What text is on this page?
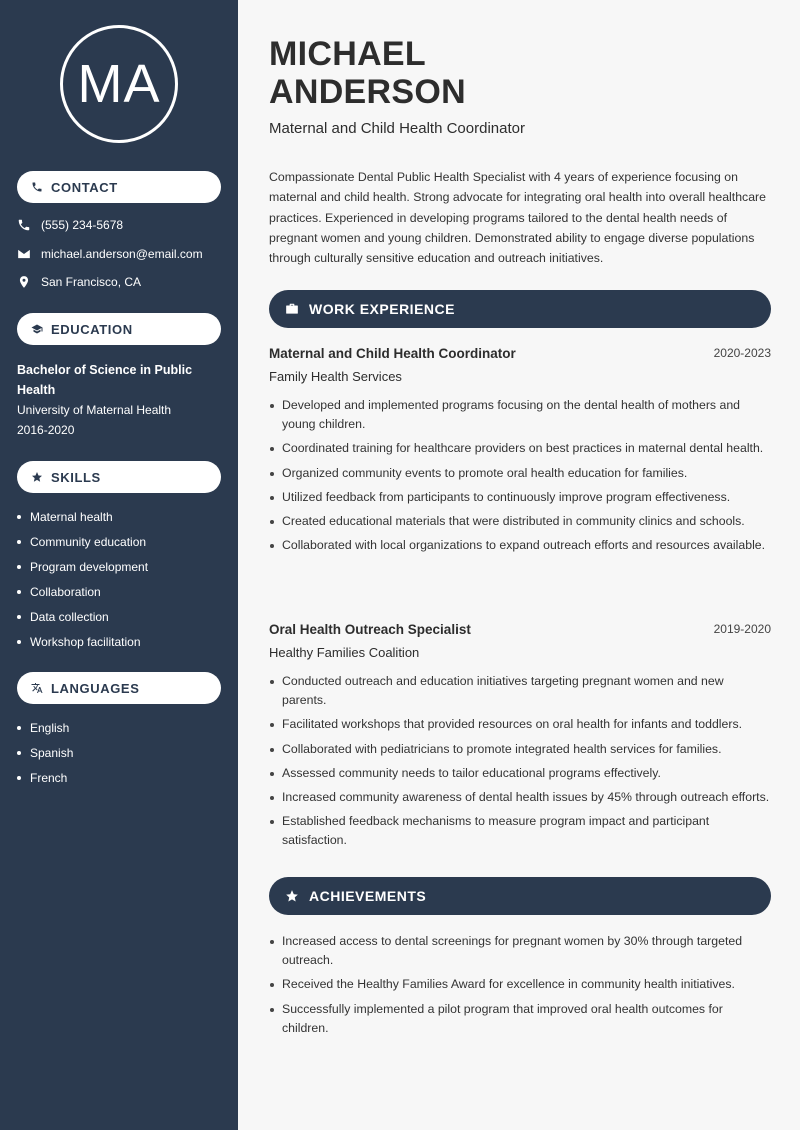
MA
CONTACT
(555) 234-5678
michael.anderson@email.com
San Francisco, CA
EDUCATION
Bachelor of Science in Public Health
University of Maternal Health
2016-2020
SKILLS
Maternal health
Community education
Program development
Collaboration
Data collection
Workshop facilitation
LANGUAGES
English
Spanish
French
MICHAEL
ANDERSON
Maternal and Child Health Coordinator

Compassionate Dental Public Health Specialist with 4 years of experience focusing on maternal and child health. Strong advocate for integrating oral health into overall healthcare practices. Experienced in developing programs tailored to the dental health needs of pregnant women and young children. Demonstrated ability to engage diverse populations through culturally sensitive education and outreach initiatives.

WORK EXPERIENCE
Maternal and Child Health Coordinator	2020-2023
Family Health Services
Developed and implemented programs focusing on the dental health of mothers and young children.
Coordinated training for healthcare providers on best practices in maternal dental health.
Organized community events to promote oral health education for families.
Utilized feedback from participants to continuously improve program effectiveness.
Created educational materials that were distributed in community clinics and schools.
Collaborated with local organizations to expand outreach efforts and resources available.
Oral Health Outreach Specialist	2019-2020
Healthy Families Coalition
Conducted outreach and education initiatives targeting pregnant women and new parents.
Facilitated workshops that provided resources on oral health for infants and toddlers.
Collaborated with pediatricians to promote integrated health services for families.
Assessed community needs to tailor educational programs effectively.
Increased community awareness of dental health issues by 45% through outreach efforts.
Established feedback mechanisms to measure program impact and participant satisfaction.
ACHIEVEMENTS
Increased access to dental screenings for pregnant women by 30% through targeted outreach.
Received the Healthy Families Award for excellence in community health initiatives.
Successfully implemented a pilot program that improved oral health outcomes for children.
